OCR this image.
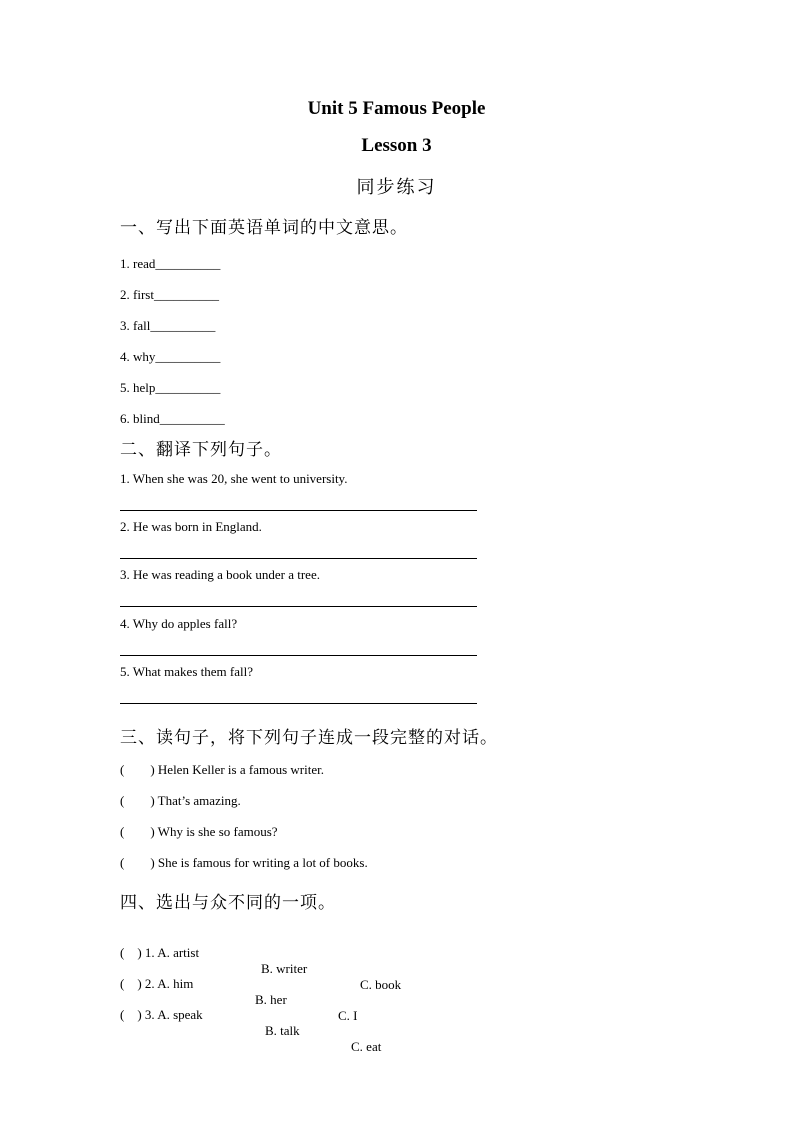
Unit 5 Famous People
Lesson 3
同步练习
一、写出下面英语单词的中文意思。
1. read__________
2. first__________
3. fall__________
4. why__________
5. help__________
6. blind__________
二、翻译下列句子。
1. When she was 20, she went to university.
2. He was born in England.
3. He was reading a book under a tree.
4. Why do apples fall?
5. What makes them fall?
三、读句子，将下列句子连成一段完整的对话。
(        ) Helen Keller is a famous writer.
(        ) That’s amazing.
(        ) Why is she so famous?
(        ) She is famous for writing a lot of books.
四、选出与众不同的一项。

(    ) 1. A. artist

B. writer

C. book

(    ) 2. A. him

B. her

C. I

(    ) 3. A. speak

B. talk

C. eat
